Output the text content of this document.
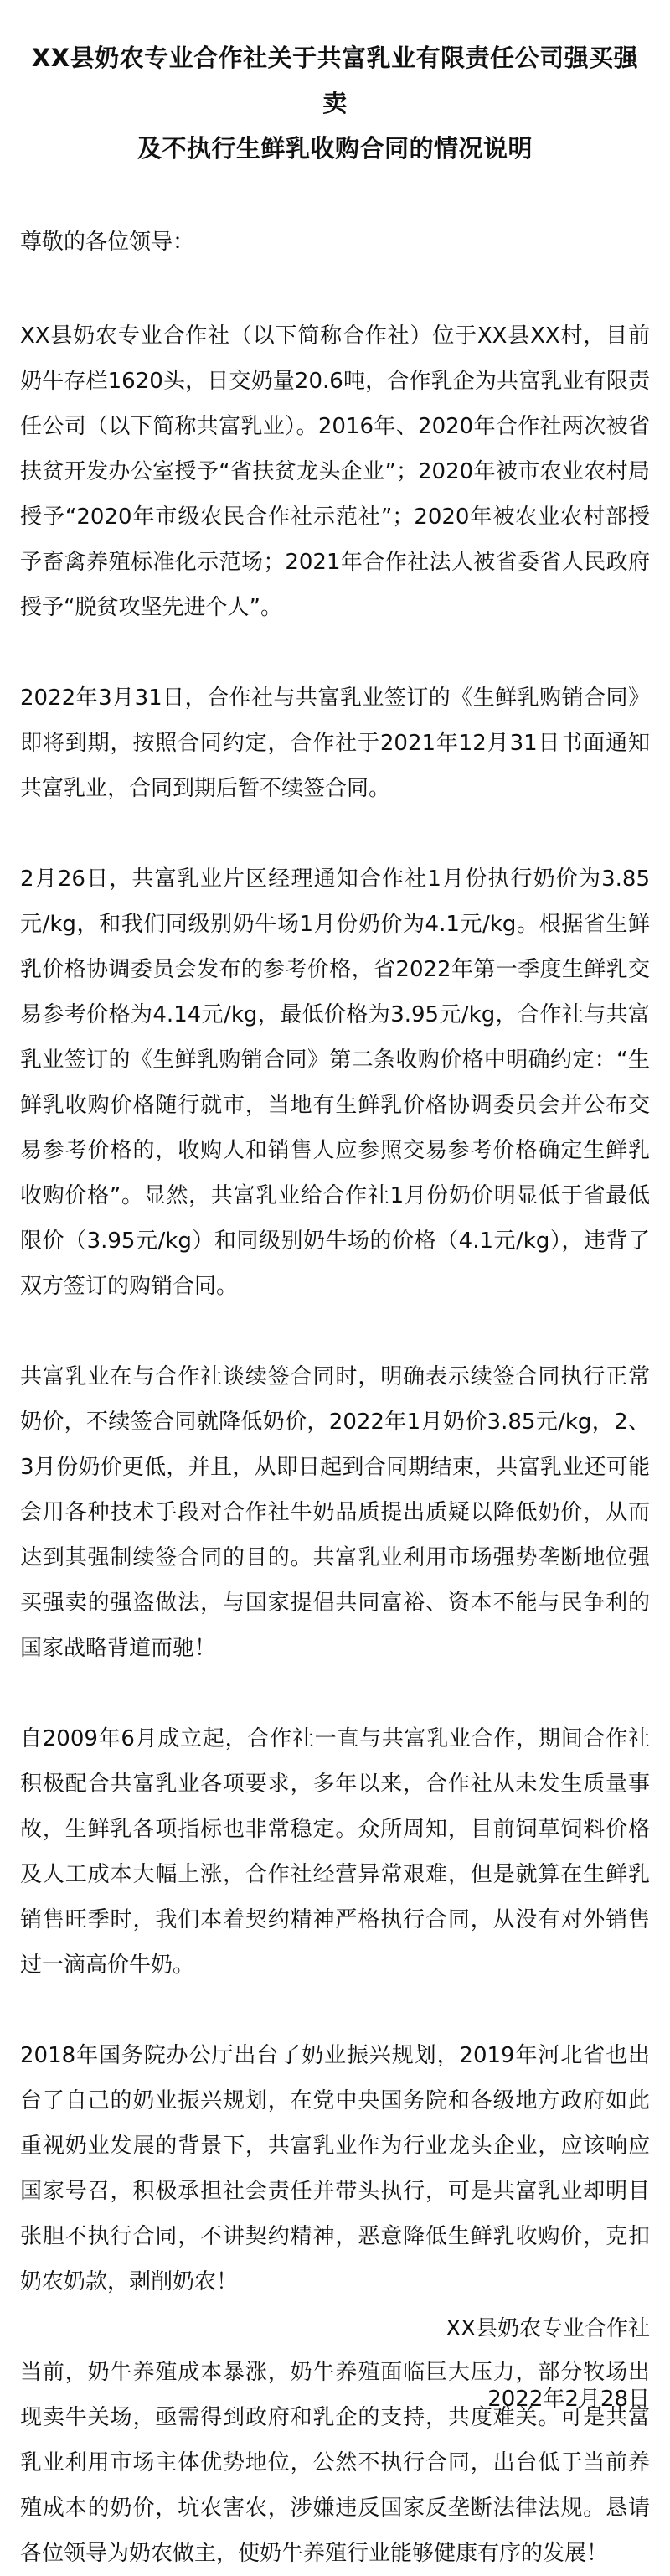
XX县奶农专业合作社关于共富乳业有限责任公司强买强卖
及不执行生鲜乳收购合同的情况说明

尊敬的各位领导：

XX县奶农专业合作社（以下简称合作社）位于XX县XX村，目前奶牛存栏1620头，日交奶量20.6吨，合作乳企为共富乳业有限责任公司（以下简称共富乳业）。2016年、2020年合作社两次被省扶贫开发办公室授予“省扶贫龙头企业”；2020年被市农业农村局授予“2020年市级农民合作社示范社”；2020年被农业农村部授予畜禽养殖标准化示范场；2021年合作社法人被省委省人民政府授予“脱贫攻坚先进个人”。

2022年3月31日，合作社与共富乳业签订的《生鲜乳购销合同》即将到期，按照合同约定，合作社于2021年12月31日书面通知共富乳业，合同到期后暂不续签合同。

2月26日，共富乳业片区经理通知合作社1月份执行奶价为3.85元/kg，和我们同级别奶牛场1月份奶价为4.1元/kg。根据省生鲜乳价格协调委员会发布的参考价格，省2022年第一季度生鲜乳交易参考价格为4.14元/kg，最低价格为3.95元/kg，合作社与共富乳业签订的《生鲜乳购销合同》第二条收购价格中明确约定：“生鲜乳收购价格随行就市，当地有生鲜乳价格协调委员会并公布交易参考价格的，收购人和销售人应参照交易参考价格确定生鲜乳收购价格”。显然，共富乳业给合作社1月份奶价明显低于省最低限价（3.95元/kg）和同级别奶牛场的价格（4.1元/kg），违背了双方签订的购销合同。

共富乳业在与合作社谈续签合同时，明确表示续签合同执行正常奶价，不续签合同就降低奶价，2022年1月奶价3.85元/kg，2、3月份奶价更低，并且，从即日起到合同期结束，共富乳业还可能会用各种技术手段对合作社牛奶品质提出质疑以降低奶价，从而达到其强制续签合同的目的。共富乳业利用市场强势垄断地位强买强卖的强盗做法，与国家提倡共同富裕、资本不能与民争利的国家战略背道而驰！

自2009年6月成立起，合作社一直与共富乳业合作，期间合作社积极配合共富乳业各项要求，多年以来，合作社从未发生质量事故，生鲜乳各项指标也非常稳定。众所周知，目前饲草饲料价格及人工成本大幅上涨，合作社经营异常艰难，但是就算在生鲜乳销售旺季时，我们本着契约精神严格执行合同，从没有对外销售过一滴高价牛奶。

2018年国务院办公厅出台了奶业振兴规划，2019年河北省也出台了自己的奶业振兴规划，在党中央国务院和各级地方政府如此重视奶业发展的背景下，共富乳业作为行业龙头企业，应该响应国家号召，积极承担社会责任并带头执行，可是共富乳业却明目张胆不执行合同，不讲契约精神，恶意降低生鲜乳收购价，克扣奶农奶款，剥削奶农！

当前，奶牛养殖成本暴涨，奶牛养殖面临巨大压力，部分牧场出现卖牛关场，亟需得到政府和乳企的支持，共度难关。可是共富乳业利用市场主体优势地位，公然不执行合同，出台低于当前养殖成本的奶价，坑农害农，涉嫌违反国家反垄断法律法规。恳请各位领导为奶农做主，使奶牛养殖行业能够健康有序的发展！

XX县奶农专业合作社
2022年2月28日
